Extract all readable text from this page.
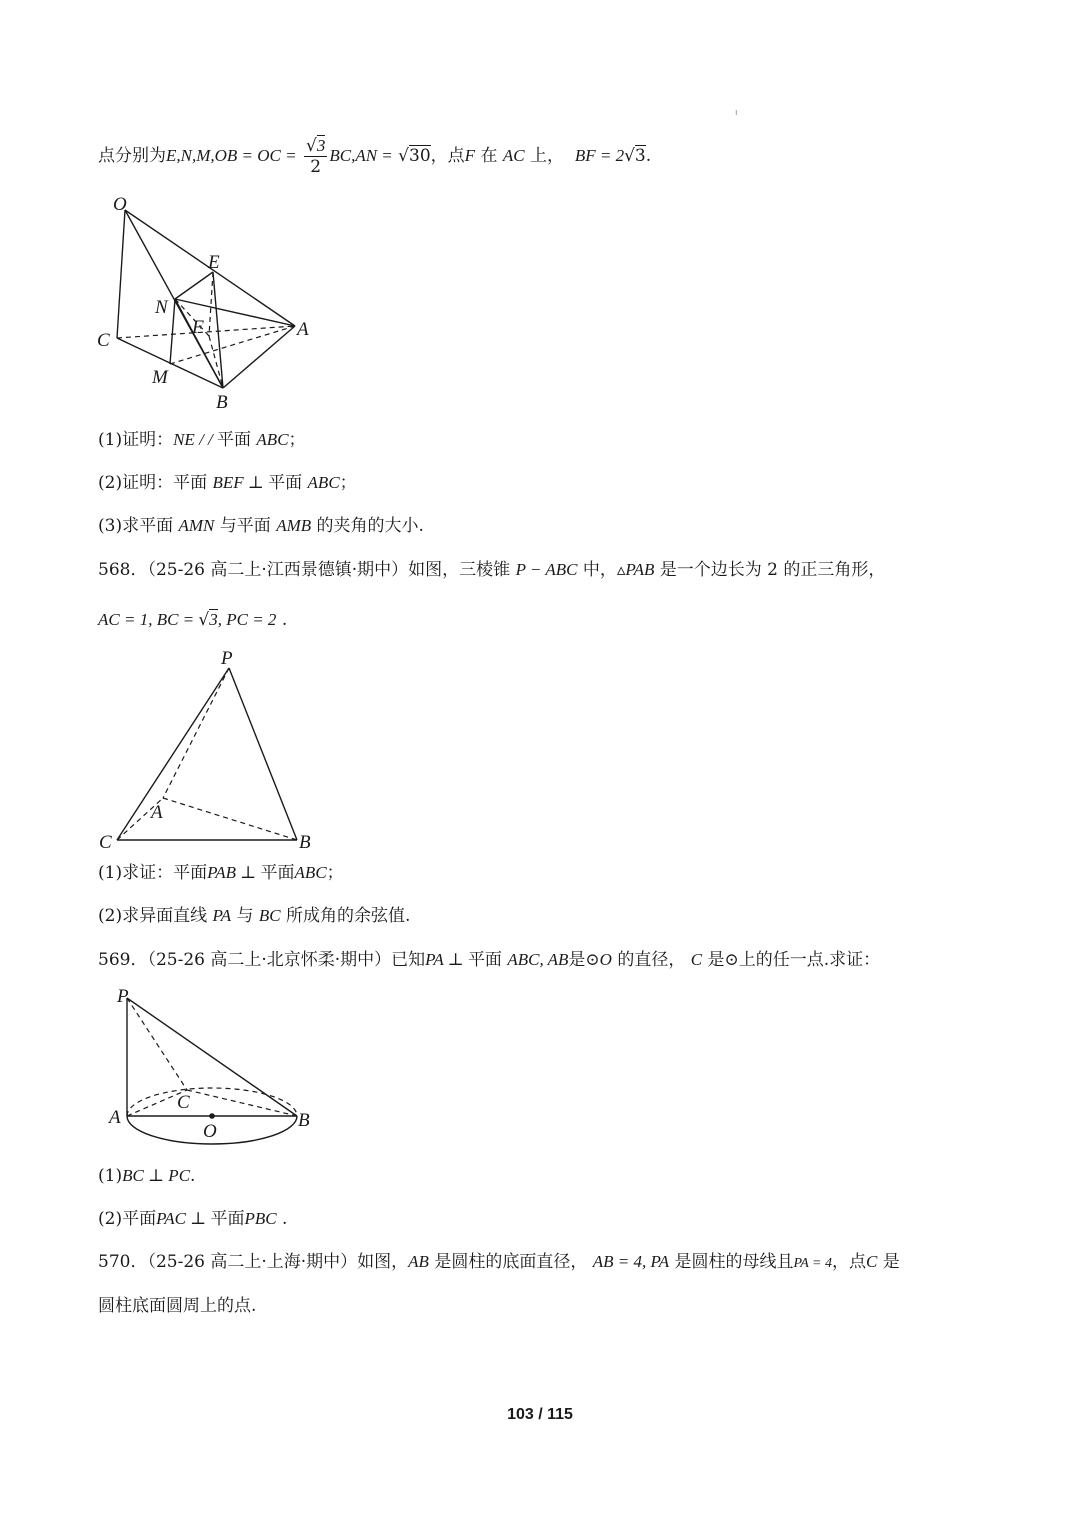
ı
点分别为E,N,M,OB = OC = $\frac{√3}{2} BC,AN = √30$，点F 在 AC 上， BF = 2√3.
O
E
N
F	A
C
M
B
(1)证明：NE / / 平面 ABC；
(2)证明：平面 BEF ⊥ 平面 ABC；
(3)求平面 AMN 与平面 AMB 的夹角的大小.
568．（25-26 高二上·江西景德镇·期中）如图，三棱锥 P − ABC 中，▵PAB 是一个边长为 2 的正三角形，
AC = 1, BC = √3, PC = 2 .
P
A
C	B
(1)求证：平面PAB ⊥ 平面ABC；
(2)求异面直线 PA 与 BC 所成角的余弦值.
569．（25-26 高二上·北京怀柔·期中）已知PA ⊥ 平面 ABC, AB是⊙O 的直径， C 是⊙上的任一点.求证：
P
C
A
O
B
(1)BC ⊥ PC.
(2)平面PAC ⊥ 平面PBC .
570．（25-26 高二上·上海·期中）如图，AB 是圆柱的底面直径， AB = 4, PA 是圆柱的母线且PA = 4，点C 是
圆柱底面圆周上的点.
103 / 115
